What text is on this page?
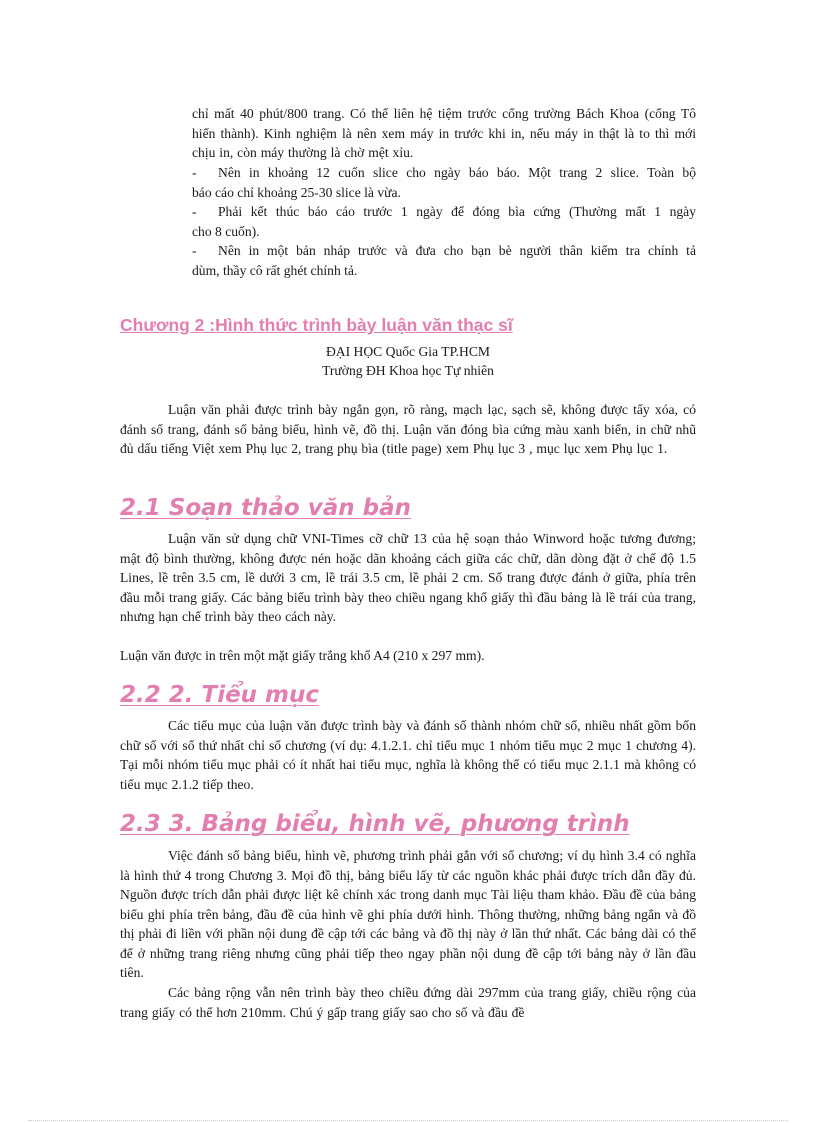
chỉ mất 40 phút/800 trang. Có thể liên hệ tiệm trước cổng trường Bách Khoa (cổng Tô hiến thành). Kinh nghiệm là nên xem máy in trước khi in, nếu máy in thật là to thì mới chịu in, còn máy thường là chờ mệt xỉu.
- Nên in khoảng 12 cuốn slice cho ngày báo báo. Một trang 2 slice. Toàn bộ
báo cáo chỉ khoảng 25-30 slice là vừa.
- Phải kết thúc báo cáo trước 1 ngày để đóng bìa cứng (Thường mất 1 ngày
cho 8 cuốn).
- Nên in một bản nháp trước và đưa cho bạn bè người thân kiểm tra chính tả
dùm, thầy cô rất ghét chính tả.
Chương 2 :Hình thức trình bày luận văn thạc sĩ
ĐẠI HỌC Quốc Gia TP.HCM
Trường ĐH Khoa học Tự nhiên
Luận văn phải được trình bày ngắn gọn, rõ ràng, mạch lạc, sạch sẽ, không được tẩy xóa, có đánh số trang, đánh số bảng biểu, hình vẽ, đồ thị. Luận văn đóng bìa cứng màu xanh biển, in chữ nhũ đủ dấu tiếng Việt xem Phụ lục 2, trang phụ bìa (title page) xem Phụ lục 3 , mục lục xem Phụ lục 1.
2.1 Soạn thảo văn bản
Luận văn sử dụng chữ VNI-Times cỡ chữ 13 của hệ soạn thảo Winword hoặc tương đương; mật độ bình thường, không được nén hoặc dãn khoảng cách giữa các chữ, dãn dòng đặt ở chế độ 1.5 Lines, lề trên 3.5 cm, lề dưới 3 cm, lề trái 3.5 cm, lề phải 2 cm. Số trang được đánh ở giữa, phía trên đầu mỗi trang giấy. Các bảng biểu trình bày theo chiều ngang khổ giấy thì đầu bảng là lề trái của trang, nhưng hạn chế trình bày theo cách này.
Luận văn được in trên một mặt giấy trắng khổ A4 (210 x 297 mm).
2.2 2. Tiểu mục
Các tiểu mục của luận văn được trình bày và đánh số thành nhóm chữ số, nhiều nhất gồm bốn chữ số với số thứ nhất chỉ số chương (ví dụ: 4.1.2.1. chỉ tiểu mục 1 nhóm tiểu mục 2 mục 1 chương 4). Tại mỗi nhóm tiểu mục phải có ít nhất hai tiểu mục, nghĩa là không thể có tiểu mục 2.1.1 mà không có tiểu mục 2.1.2 tiếp theo.
2.3 3. Bảng biểu, hình vẽ, phương trình
Việc đánh số bảng biểu, hình vẽ, phương trình phải gắn với số chương; ví dụ hình 3.4 có nghĩa là hình thứ 4 trong Chương 3. Mọi đồ thị, bảng biểu lấy từ các nguồn khác phải được trích dẫn đầy đủ. Nguồn được trích dẫn phải được liệt kê chính xác trong danh mục Tài liệu tham khảo. Đầu đề của bảng biểu ghi phía trên bảng, đầu đề của hình vẽ ghi phía dưới hình. Thông thường, những bảng ngắn và đồ thị phải đi liền với phần nội dung đề cập tới các bảng và đồ thị này ở lần thứ nhất. Các bảng dài có thể để ở những trang riêng nhưng cũng phải tiếp theo ngay phần nội dung đề cập tới bảng này ở lần đầu tiên.
Các bảng rộng vẫn nên trình bày theo chiều đứng dài 297mm của trang giấy, chiều rộng của trang giấy có thể hơn 210mm. Chú ý gấp trang giấy sao cho số và đầu đề
